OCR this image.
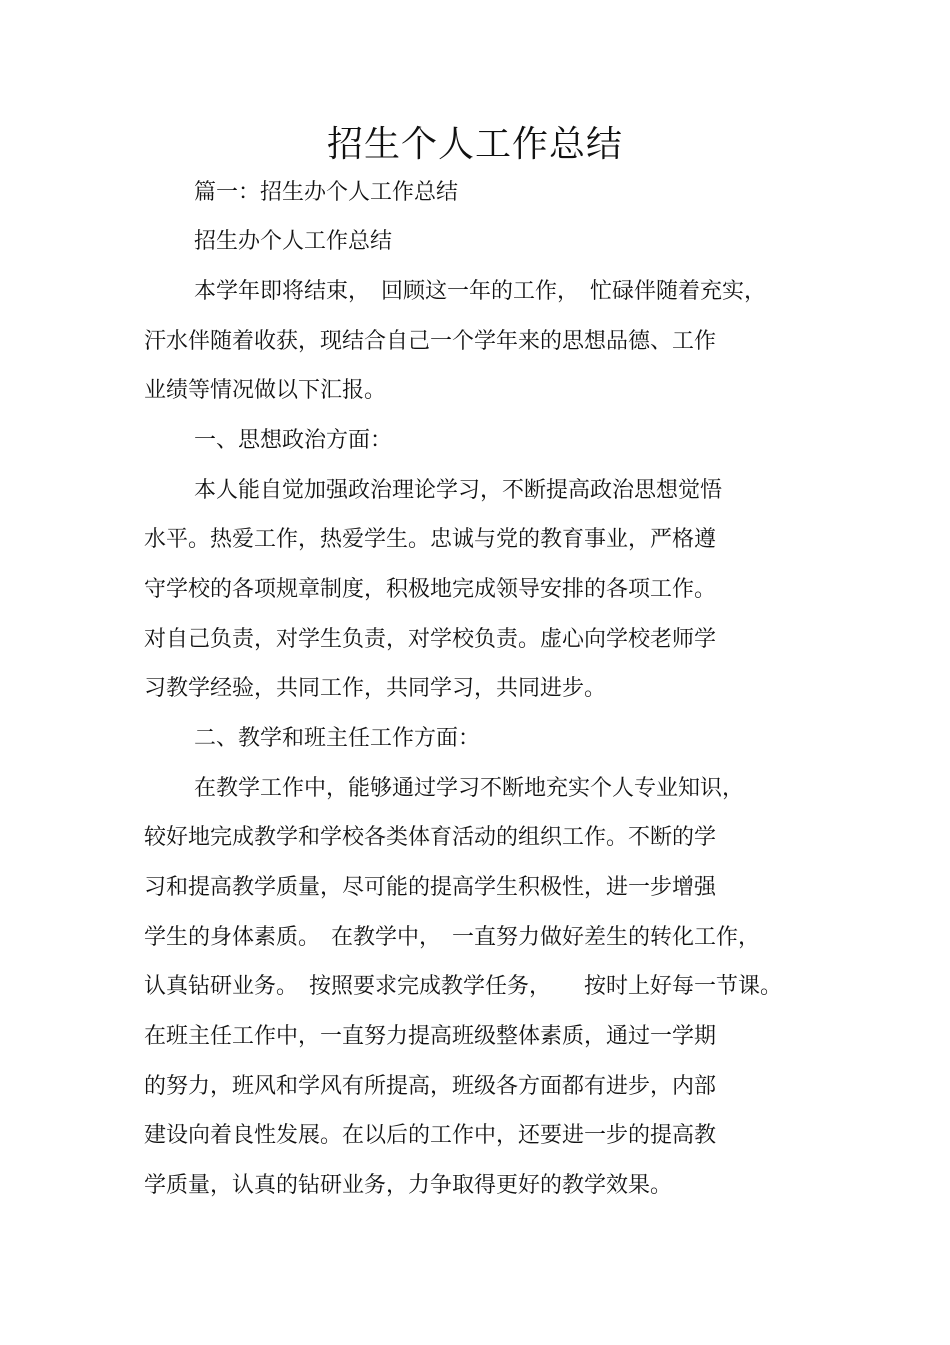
招生个人工作总结
篇一：招生办个人工作总结
招生办个人工作总结
本学年即将结束，　回顾这一年的工作，　忙碌伴随着充实，
汗水伴随着收获，现结合自己一个学年来的思想品德、工作
业绩等情况做以下汇报。
一、思想政治方面：
本人能自觉加强政治理论学习，不断提高政治思想觉悟
水平。热爱工作，热爱学生。忠诚与党的教育事业，严格遵
守学校的各项规章制度，积极地完成领导安排的各项工作。
对自己负责，对学生负责，对学校负责。虚心向学校老师学
习教学经验，共同工作，共同学习，共同进步。
二、教学和班主任工作方面：
在教学工作中，能够通过学习不断地充实个人专业知识，
较好地完成教学和学校各类体育活动的组织工作。不断的学
习和提高教学质量，尽可能的提高学生积极性，进一步增强
学生的身体素质。　在教学中，　一直努力做好差生的转化工作，
认真钻研业务。　按照要求完成教学任务，　　按时上好每一节课。
在班主任工作中，一直努力提高班级整体素质，通过一学期
的努力，班风和学风有所提高，班级各方面都有进步，内部
建设向着良性发展。在以后的工作中，还要进一步的提高教
学质量，认真的钻研业务，力争取得更好的教学效果。
